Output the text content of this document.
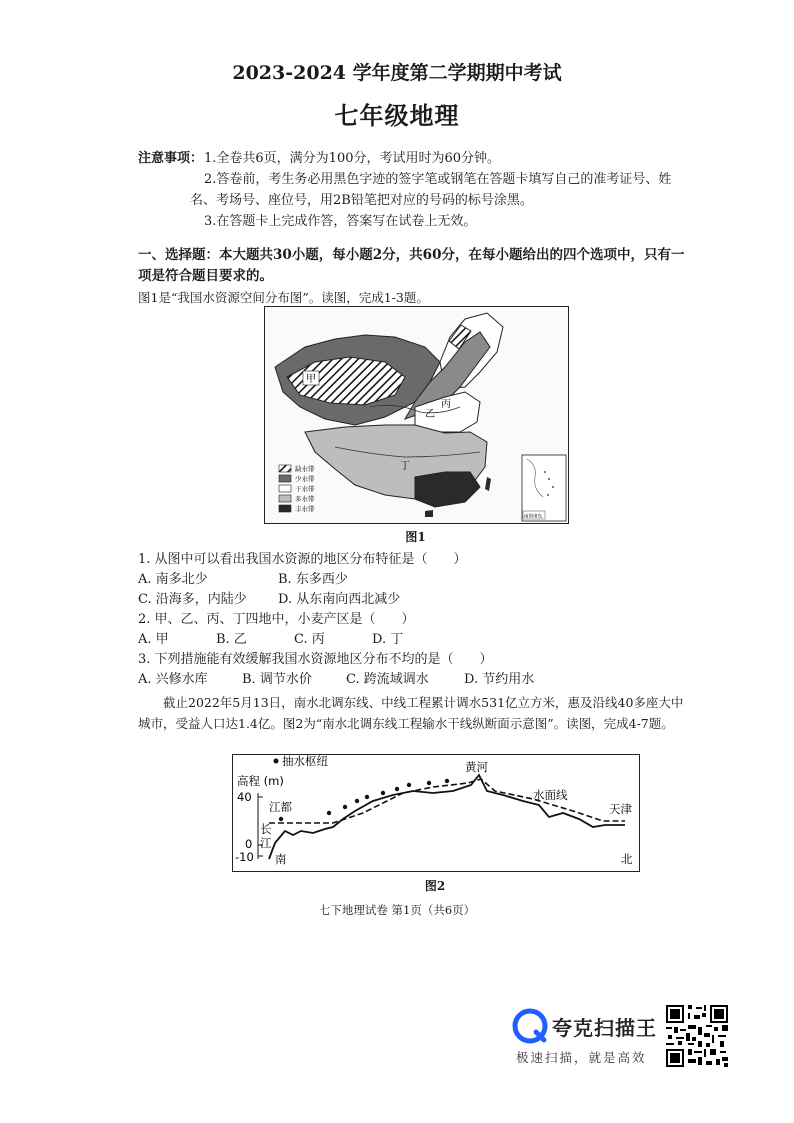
2023-2024 学年度第二学期期中考试
七年级地理
注意事项： 1.全卷共6页，满分为100分，考试用时为60分钟。
2.答卷前，考生务必用黑色字迹的签字笔或钢笔在答题卡填写自己的准考证号、姓
名、考场号、座位号，用2B铅笔把对应的号码的标号涂黑。
3.在答题卡上完成作答，答案写在试卷上无效。
一、选择题：本大题共30小题，每小题2分，共60分，在每小题给出的四个选项中，只有一
项是符合题目要求的。
图1是“我国水资源空间分布图”。读图，完成1-3题。
甲
乙
丙
丁
缺水带
少水带
干水带
多水带
丰水带
南海诸岛
图1
1. 从图中可以看出我国水资源的地区分布特征是（　　）
A. 南多北少	B. 东多西少
C. 沿海多，内陆少	D. 从东南向西北减少
2. 甲、乙、丙、丁四地中，小麦产区是（　　）
A. 甲	B. 乙	C. 丙	D. 丁
3. 下列措施能有效缓解我国水资源地区分布不均的是（　　）
A. 兴修水库	B. 调节水价	C. 跨流域调水	D. 节约用水
截止2022年5月13日，南水北调东线、中线工程累计调水531亿立方米，惠及沿线40多座大中城市，受益人口达1.4亿。图2为“南水北调东线工程输水干线纵断面示意图”。读图，完成4-7题。
抽水枢纽
高程 (m)
40
0
-10
江都
长
江
黄河
水面线
天津
南	北
图2
七下地理试卷 第1页（共6页）
夸克扫描王
极速扫描，就是高效
